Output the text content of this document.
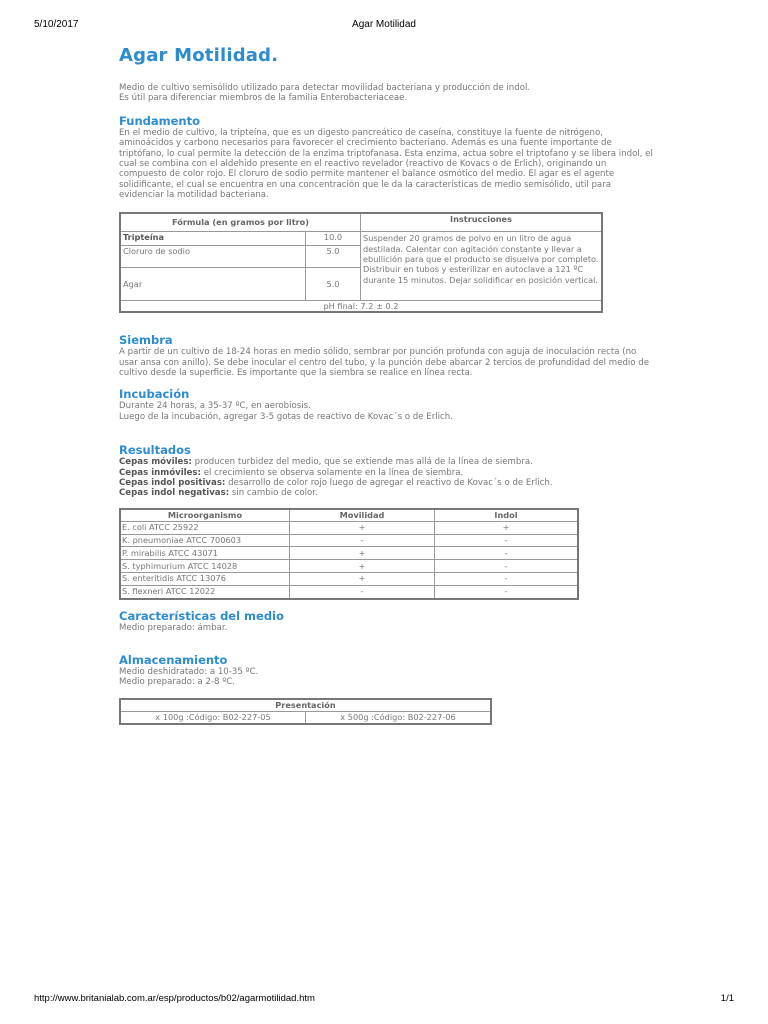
5/10/2017	Agar Motilidad
Agar Motilidad.

Medio de cultivo semisólido utilizado para detectar movilidad bacteriana y producción de indol.

Es útil para diferenciar miembros de la familia Enterobacteriaceae.

Fundamento

En el medio de cultivo, la tripteína, que es un digesto pancreático de caseína, constituye la fuente de nitrógeno, aminoácidos y carbono necesarios para favorecer el crecimiento bacteriano. Además es una fuente importante de triptófano, lo cual permite la detección de la enzima triptofanasa. Esta enzima, actua sobre el triptofano y se libera indol, el cual se combina con el aldehido presente en el reactivo revelador (reactivo de Kovacs o de Erlich), originando un compuesto de color rojo. El cloruro de sodio permite mantener el balance osmótico del medio. El agar es el agente solidificante, el cual se encuentra en una concentración que le da la características de medio semisólido, util para evidenciar la motilidad bacteriana.

Fórmula (en gramos por litro)		Instrucciones
Tripteína	10.0	Suspender 20 gramos de polvo en un litro de agua destilada. Calentar con agitación constante y llevar a ebullición para que el producto se disuelva por completo. Distribuir en tubos y esterilizar en autoclave a 121 ºC durante 15 minutos. Dejar solidificar en posición vertical.
Cloruro de sodio	5.0	
Agar	5.0	
pH final: 7.2 ± 0.2		
Siembra

A partir de un cultivo de 18-24 horas en medio sólido, sembrar por punción profunda con aguja de inoculación recta (no usar ansa con anillo). Se debe inocular el centro del tubo, y la punción debe abarcar 2 tercios de profundidad del medio de cultivo desde la superficie. Es importante que la siembra se realice en línea recta.

Incubación

Durante 24 horas, a 35-37 ºC, en aerobiosis.

Luego de la incubación, agregar 3-5 gotas de reactivo de Kovac´s o de Erlich.

Resultados

Cepas móviles: producen turbidez del medio, que se extiende mas allá de la línea de siembra.

Cepas inmóviles: el crecimiento se observa solamente en la línea de siembra.

Cepas indol positivas: desarrollo de color rojo luego de agregar el reactivo de Kovac´s o de Erlich.

Cepas indol negativas: sin cambio de color.

Microorganismo	Movilidad	Indol
E. coli ATCC 25922	+	+
K. pneumoniae ATCC 700603	-	-
P. mirabilis ATCC 43071	+	-
S. typhimurium ATCC 14028	+	-
S. enteritidis ATCC 13076	+	-
S. flexneri ATCC 12022	-	-
Características del medio

Medio preparado: ámbar.

Almacenamiento

Medio deshidratado: a 10-35 ºC.

Medio preparado: a 2-8 ºC.

Presentación
x 100g :Código: B02-227-05	x 500g :Código: B02-227-06
http://www.britanialab.com.ar/esp/productos/b02/agarmotilidad.htm	1/1
